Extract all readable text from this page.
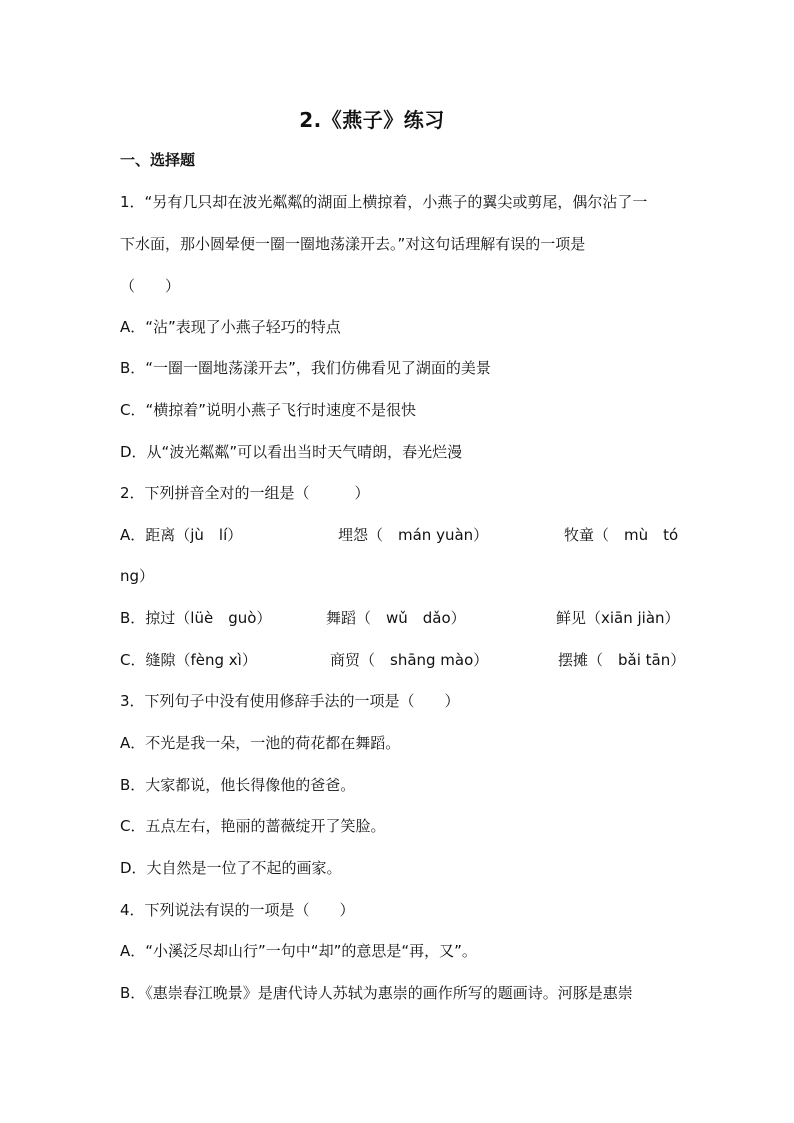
2.《燕子》练习
一、选择题
1．“另有几只却在波光粼粼的湖面上横掠着，小燕子的翼尖或剪尾，偶尔沾了一
下水面，那小圆晕便一圈一圈地荡漾开去。”对这句话理解有误的一项是
（　　）
A．“沾”表现了小燕子轻巧的特点
B．“一圈一圈地荡漾开去”，我们仿佛看见了湖面的美景
C．“横掠着”说明小燕子飞行时速度不是很快
D．从“波光粼粼”可以看出当时天气晴朗，春光烂漫
2．下列拼音全对的一组是（　　　）
A．距离（jù　lí）	埋怨（　mán yuàn）	牧童（　mù　tó
ng）
B．掠过（lüè　guò）	舞蹈（　wǔ　dǎo）	鲜见（xiān jiàn）
C．缝隙（fèng xì）	商贸（　shāng mào）	摆摊（　bǎi tān）
3．下列句子中没有使用修辞手法的一项是（　　）
A．不光是我一朵，一池的荷花都在舞蹈。
B．大家都说，他长得像他的爸爸。
C．五点左右，艳丽的蔷薇绽开了笑脸。
D．大自然是一位了不起的画家。
4．下列说法有误的一项是（　　）
A．“小溪泛尽却山行”一句中“却”的意思是“再，又”。
B．《惠崇春江晚景》是唐代诗人苏轼为惠崇的画作所写的题画诗。河豚是惠崇
